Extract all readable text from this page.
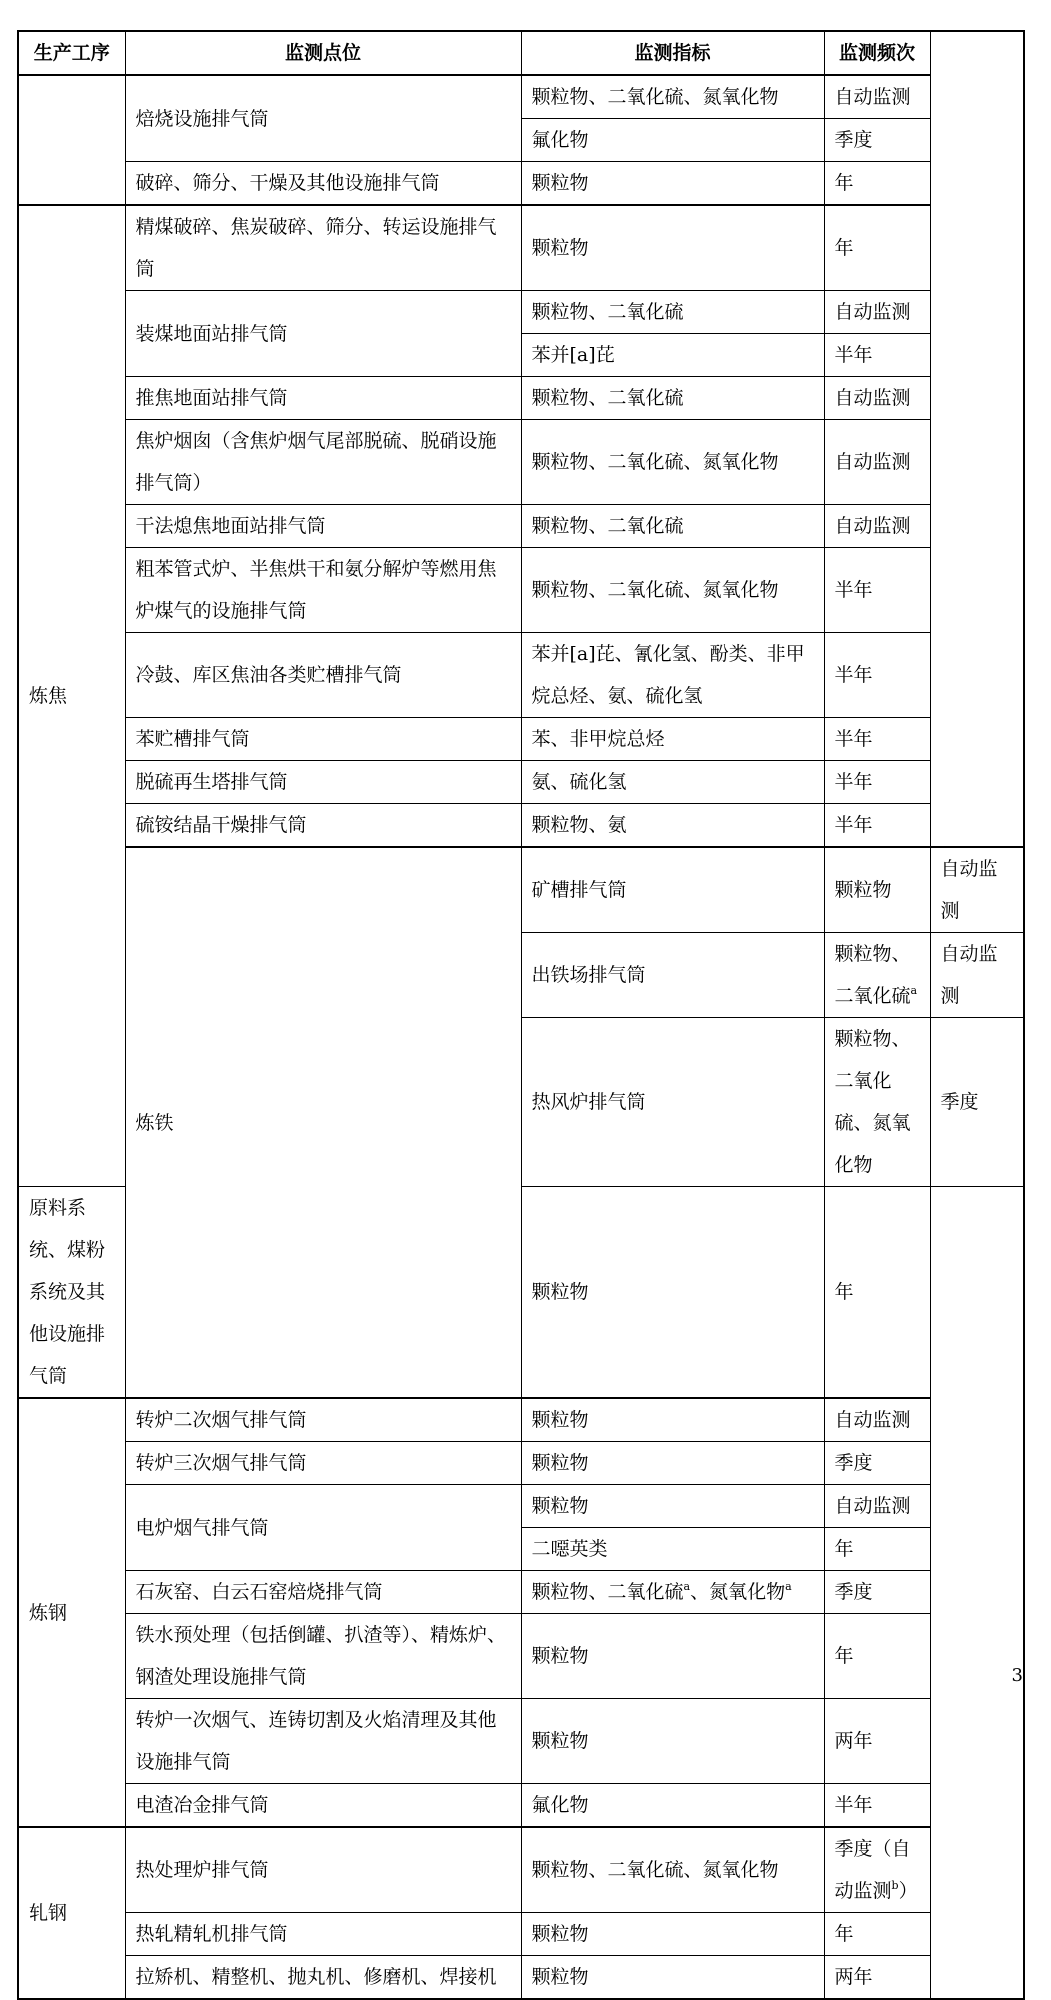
生产工序	监测点位	监测指标	监测频次	
	焙烧设施排气筒	颗粒物、二氧化硫、氮氧化物	自动监测	
		氟化物	季度	
	破碎、筛分、干燥及其他设施排气筒	颗粒物	年	
炼焦	精煤破碎、焦炭破碎、筛分、转运设施排气筒	颗粒物	年	
	装煤地面站排气筒	颗粒物、二氧化硫	自动监测	
		苯并[a]芘	半年	
	推焦地面站排气筒	颗粒物、二氧化硫	自动监测	
	焦炉烟囱（含焦炉烟气尾部脱硫、脱硝设施排气筒）	颗粒物、二氧化硫、氮氧化物	自动监测	
	干法熄焦地面站排气筒	颗粒物、二氧化硫	自动监测	
	粗苯管式炉、半焦烘干和氨分解炉等燃用焦炉煤气的设施排气筒	颗粒物、二氧化硫、氮氧化物	半年	
	冷鼓、库区焦油各类贮槽排气筒	苯并[a]芘、氰化氢、酚类、非甲烷总烃、氨、硫化氢	半年	
	苯贮槽排气筒	苯、非甲烷总烃	半年	
	脱硫再生塔排气筒	氨、硫化氢	半年	
	硫铵结晶干燥排气筒	颗粒物、氨	半年	
	炼铁	矿槽排气筒	颗粒物	自动监测
		出铁场排气筒	颗粒物、二氧化硫$^a$	自动监测
		热风炉排气筒	颗粒物、二氧化硫、氮氧化物	季度
原料系统、煤粉系统及其他设施排气筒		颗粒物	年	
炼钢	转炉二次烟气排气筒	颗粒物	自动监测	
	转炉三次烟气排气筒	颗粒物	季度	
	电炉烟气排气筒	颗粒物	自动监测	
		二噁英类	年	
	石灰窑、白云石窑焙烧排气筒	颗粒物、二氧化硫$^a$、氮氧化物$^a$	季度	
	铁水预处理（包括倒罐、扒渣等）、精炼炉、钢渣处理设施排气筒	颗粒物	年	
	转炉一次烟气、连铸切割及火焰清理及其他设施排气筒	颗粒物	两年	
	电渣冶金排气筒	氟化物	半年	
轧钢	热处理炉排气筒	颗粒物、二氧化硫、氮氧化物	季度（自动监测$^b$）	
	热轧精轧机排气筒	颗粒物	年	
	拉矫机、精整机、抛丸机、修磨机、焊接机	颗粒物	两年	
3
